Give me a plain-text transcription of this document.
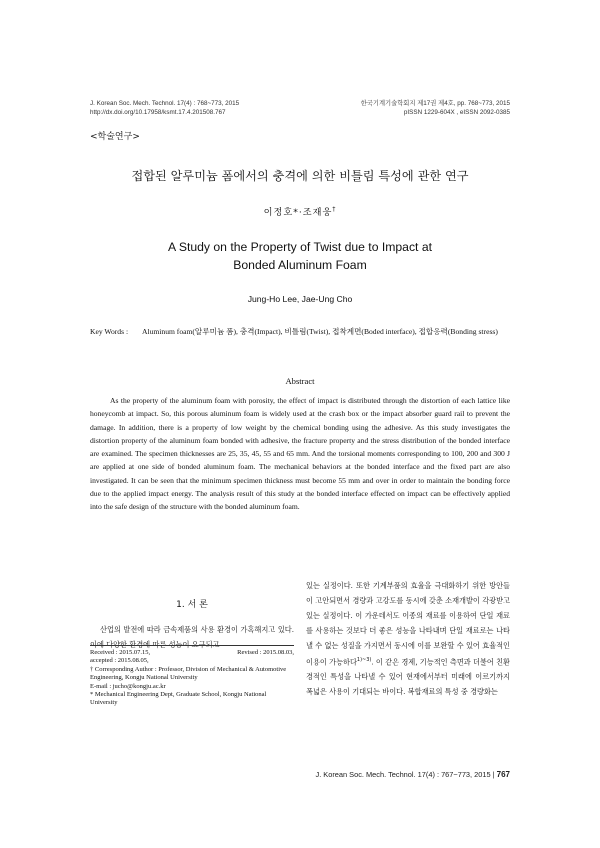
J. Korean Soc. Mech. Technol. 17(4) : 768~773, 2015
http://dx.doi.org/10.17958/ksmt.17.4.201508.767
한국기계기술학회지 제17권 제4호, pp. 768~773, 2015
pISSN 1229-604X , eISSN 2092-0385
<학술연구>
접합된 알루미늄 폼에서의 충격에 의한 비틀림 특성에 관한 연구
이정호*·조재웅†
A Study on the Property of Twist due to Impact at
Bonded Aluminum Foam
Jung-Ho Lee, Jae-Ung Cho
Key Words : Aluminum foam(알루미늄 폼), 충격(Impact), 비틀림(Twist), 접착계면(Boded interface), 접합응력(Bonding stress)
Abstract
As the property of the aluminum foam with porosity, the effect of impact is distributed through the distortion of each lattice like honeycomb at impact. So, this porous aluminum foam is widely used at the crash box or the impact absorber guard rail to prevent the damage. In addition, there is a property of low weight by the chemical bonding using the adhesive. As this study investigates the distortion property of the aluminum foam bonded with adhesive, the fracture property and the stress distribution of the bonded interface are examined. The specimen thicknesses are 25, 35, 45, 55 and 65 mm. And the torsional moments corresponding to 100, 200 and 300 J are applied at one side of bonded aluminum foam. The mechanical behaviors at the bonded interface and the fixed part are also investigated. It can be seen that the minimum specimen thickness must become 55 mm and over in order to maintain the bonding force due to the applied impact energy. The analysis result of this study at the bonded interface effected on impact can be effectively applied into the safe design of the structure with the bonded aluminum foam.
1. 서 론
산업의 발전에 따라 금속제품의 사용 환경이 가혹해지고 있다. 이에 다양한 환경에 따른 성능이 요구되고
Received : 2015.07.15,	Revised : 2015.08.03,
accepted : 2015.08.05,
† Corresponding Author : Professor, Division of Mechanical & Automotive Engineering, Kongju National University
E-mail : jucho@kongju.ac.kr
* Mechanical Engineering Dept, Graduate School, Kongju National University
있는 실정이다. 또한 기계부품의 효율을 극대화하기 위한 방안들이 고안되면서 경량과 고강도를 동시에 갖춘 소재개발이 각광받고 있는 실정이다. 이 가운데서도 이종의 재료를 이용하여 단일 재료를 사용하는 것보다 더 좋은 성능을 나타내며 단일 재료로는 나타낼 수 없는 성질을 가지면서 동시에 이를 보완할 수 있어 효율적인 이용이 가능하다$^{1)\sim 3)}$. 이 같은 경제, 기능적인 측면과 더불어 친환경적인 특성을 나타낼 수 있어 현재에서부터 미래에 이르기까지 폭넓은 사용이 기대되는 바이다. 복합재료의 특성 중 경량화는
J. Korean Soc. Mech. Technol. 17(4) : 767~773, 2015 | 767
